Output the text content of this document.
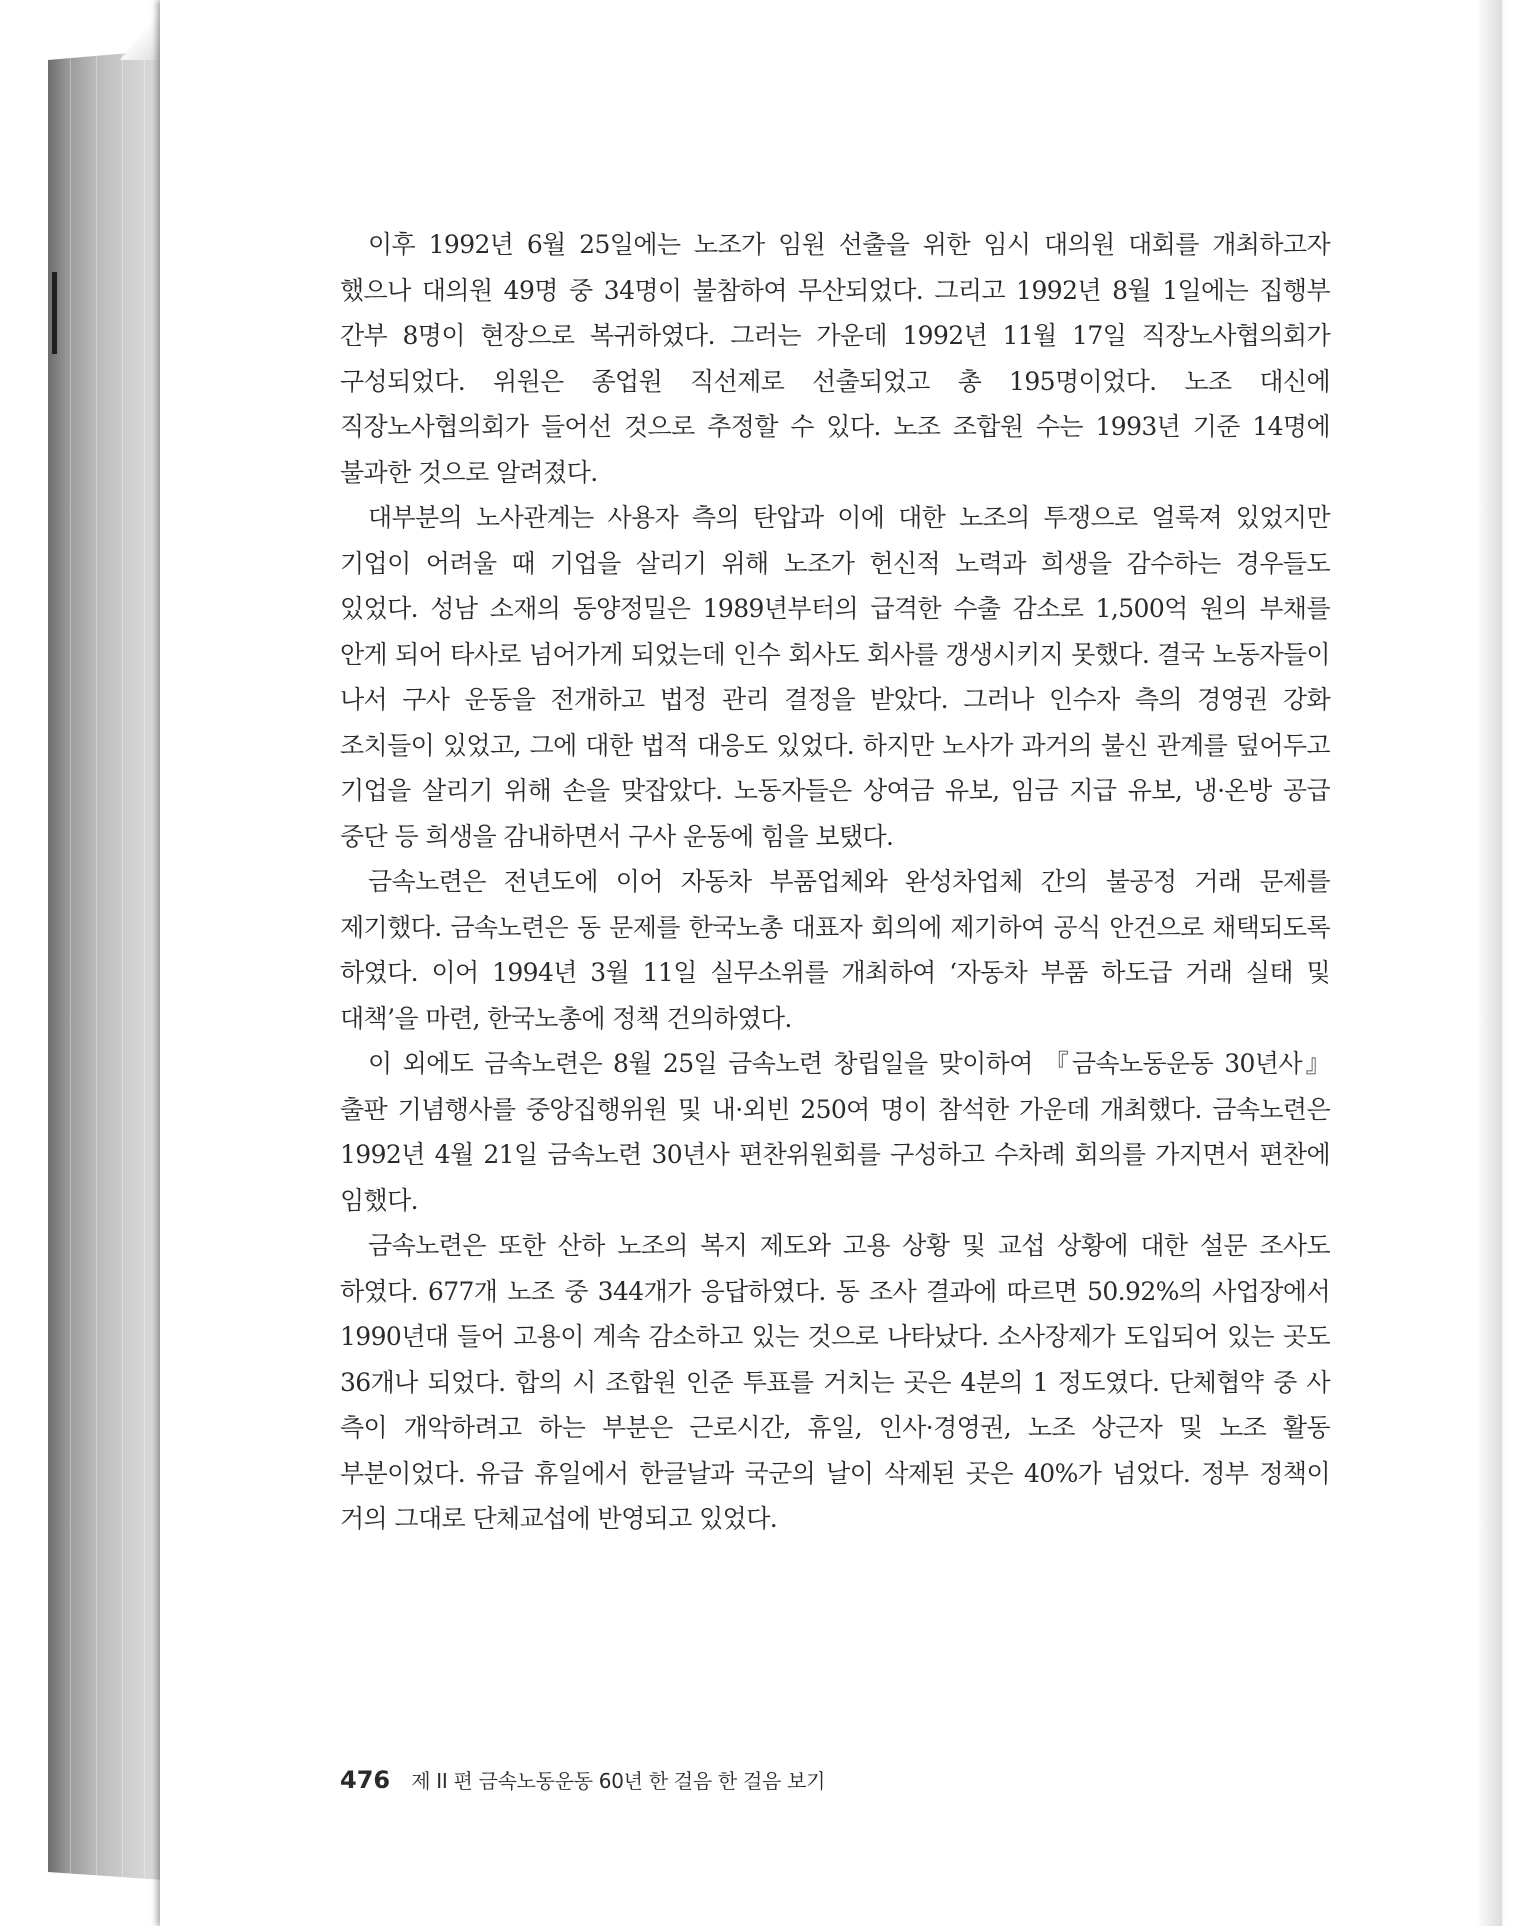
이후 1992년 6월 25일에는 노조가 임원 선출을 위한 임시 대의원 대회를 개최하고자 했으나 대의원 49명 중 34명이 불참하여 무산되었다. 그리고 1992년 8월 1일에는 집행부 간부 8명이 현장으로 복귀하였다. 그러는 가운데 1992년 11월 17일 직장노사협의회가 구성되었다. 위원은 종업원 직선제로 선출되었고 총 195명이었다. 노조 대신에 직장노사협의회가 들어선 것으로 추정할 수 있다. 노조 조합원 수는 1993년 기준 14명에 불과한 것으로 알려졌다.

대부분의 노사관계는 사용자 측의 탄압과 이에 대한 노조의 투쟁으로 얼룩져 있었지만 기업이 어려울 때 기업을 살리기 위해 노조가 헌신적 노력과 희생을 감수하는 경우들도 있었다. 성남 소재의 동양정밀은 1989년부터의 급격한 수출 감소로 1,500억 원의 부채를 안게 되어 타사로 넘어가게 되었는데 인수 회사도 회사를 갱생시키지 못했다. 결국 노동자들이 나서 구사 운동을 전개하고 법정 관리 결정을 받았다. 그러나 인수자 측의 경영권 강화 조치들이 있었고, 그에 대한 법적 대응도 있었다. 하지만 노사가 과거의 불신 관계를 덮어두고 기업을 살리기 위해 손을 맞잡았다. 노동자들은 상여금 유보, 임금 지급 유보, 냉·온방 공급 중단 등 희생을 감내하면서 구사 운동에 힘을 보탰다.

금속노련은 전년도에 이어 자동차 부품업체와 완성차업체 간의 불공정 거래 문제를 제기했다. 금속노련은 동 문제를 한국노총 대표자 회의에 제기하여 공식 안건으로 채택되도록 하였다. 이어 1994년 3월 11일 실무소위를 개최하여 ‘자동차 부품 하도급 거래 실태 및 대책’을 마련, 한국노총에 정책 건의하였다.

이 외에도 금속노련은 8월 25일 금속노련 창립일을 맞이하여 『금속노동운동 30년사』 출판 기념행사를 중앙집행위원 및 내·외빈 250여 명이 참석한 가운데 개최했다. 금속노련은 1992년 4월 21일 금속노련 30년사 편찬위원회를 구성하고 수차례 회의를 가지면서 편찬에 임했다.

금속노련은 또한 산하 노조의 복지 제도와 고용 상황 및 교섭 상황에 대한 설문 조사도 하였다. 677개 노조 중 344개가 응답하였다. 동 조사 결과에 따르면 50.92%의 사업장에서 1990년대 들어 고용이 계속 감소하고 있는 것으로 나타났다. 소사장제가 도입되어 있는 곳도 36개나 되었다. 합의 시 조합원 인준 투표를 거치는 곳은 4분의 1 정도였다. 단체협약 중 사 측이 개악하려고 하는 부분은 근로시간, 휴일, 인사·경영권, 노조 상근자 및 노조 활동 부분이었다. 유급 휴일에서 한글날과 국군의 날이 삭제된 곳은 40%가 넘었다. 정부 정책이 거의 그대로 단체교섭에 반영되고 있었다.

476 제 II 편 금속노동운동 60년 한 걸음 한 걸음 보기
